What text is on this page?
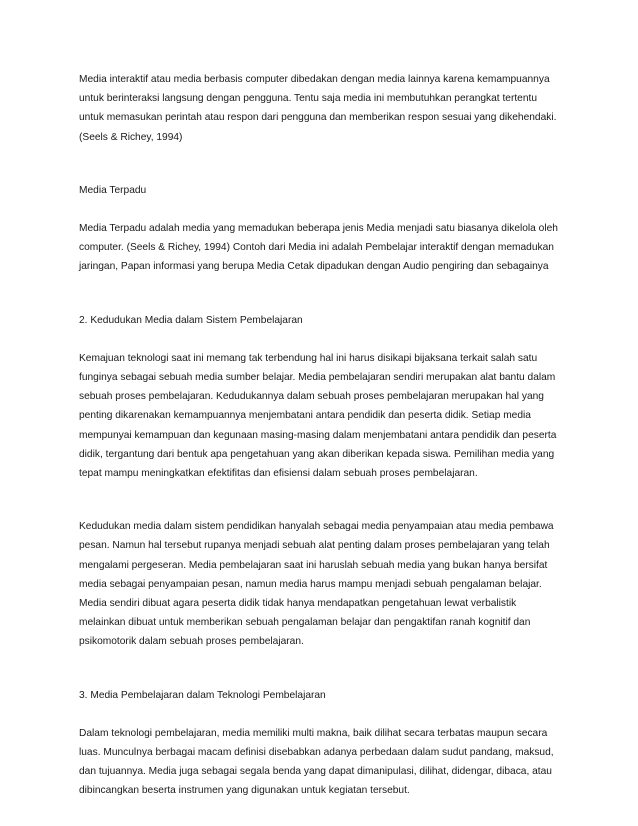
Media interaktif atau media berbasis computer dibedakan dengan media lainnya karena kemampuannya untuk berinteraksi langsung dengan pengguna. Tentu saja media ini membutuhkan perangkat tertentu untuk memasukan perintah atau respon dari pengguna dan memberikan respon sesuai yang dikehendaki. (Seels & Richey, 1994)

Media Terpadu

Media Terpadu adalah media yang memadukan beberapa jenis Media menjadi satu biasanya dikelola oleh computer. (Seels & Richey, 1994) Contoh dari Media ini adalah Pembelajar interaktif dengan memadukan jaringan, Papan informasi yang berupa Media Cetak dipadukan dengan Audio pengiring dan sebagainya

2. Kedudukan Media dalam Sistem Pembelajaran

Kemajuan teknologi saat ini memang tak terbendung hal ini harus disikapi bijaksana terkait salah satu funginya sebagai sebuah media sumber belajar. Media pembelajaran sendiri merupakan alat bantu dalam sebuah proses pembelajaran. Kedudukannya dalam sebuah proses pembelajaran merupakan hal yang penting dikarenakan kemampuannya menjembatani antara pendidik dan peserta didik. Setiap media mempunyai kemampuan dan kegunaan masing-masing dalam menjembatani antara pendidik dan peserta didik, tergantung dari bentuk apa pengetahuan yang akan diberikan kepada siswa. Pemilihan media yang tepat mampu meningkatkan efektifitas dan efisiensi dalam sebuah proses pembelajaran.

Kedudukan media dalam sistem pendidikan hanyalah sebagai media penyampaian atau media pembawa pesan. Namun hal tersebut rupanya menjadi sebuah alat penting dalam proses pembelajaran yang telah mengalami pergeseran. Media pembelajaran saat ini haruslah sebuah media yang bukan hanya bersifat media sebagai penyampaian pesan, namun media harus mampu menjadi sebuah pengalaman belajar. Media sendiri dibuat agara peserta didik tidak hanya mendapatkan pengetahuan lewat verbalistik melainkan dibuat untuk memberikan sebuah pengalaman belajar dan pengaktifan ranah kognitif dan psikomotorik dalam sebuah proses pembelajaran.

3. Media Pembelajaran dalam Teknologi Pembelajaran

Dalam teknologi pembelajaran, media memiliki multi makna, baik dilihat secara terbatas maupun secara luas. Munculnya berbagai macam definisi disebabkan adanya perbedaan dalam sudut pandang, maksud, dan tujuannya. Media juga sebagai segala benda yang dapat dimanipulasi, dilihat, didengar, dibaca, atau dibincangkan beserta instrumen yang digunakan untuk kegiatan tersebut.
